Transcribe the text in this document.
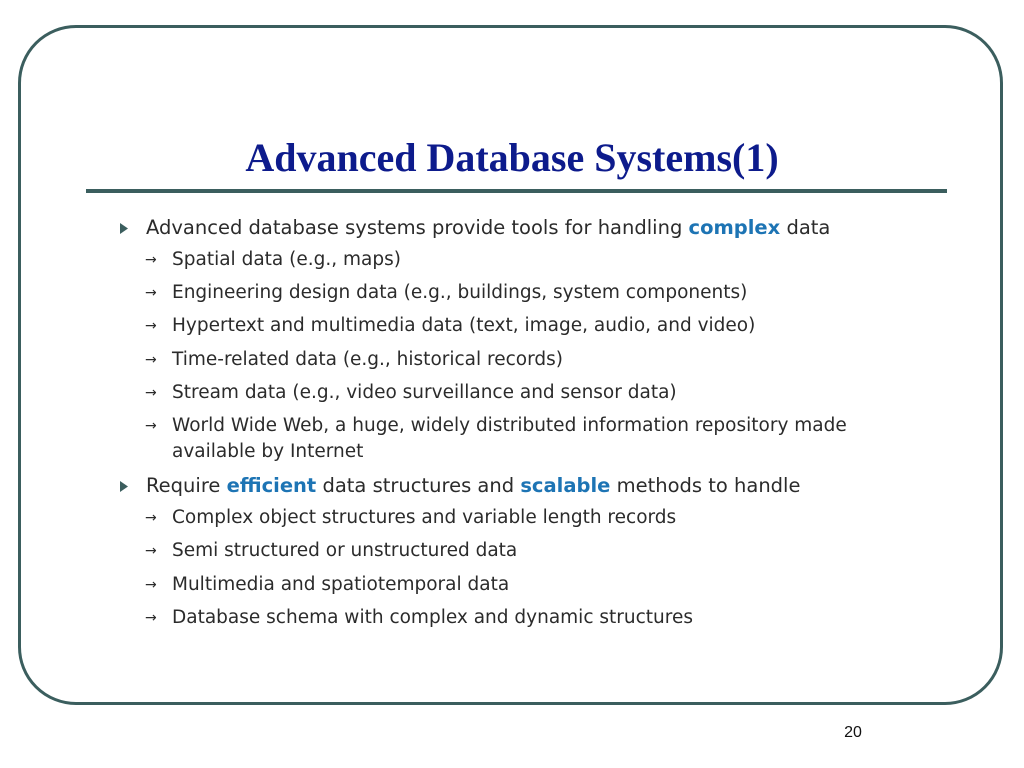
Advanced Database Systems(1)
Advanced database systems provide tools for handling complex data
→ Spatial data (e.g., maps)
→ Engineering design data (e.g., buildings, system components)
→ Hypertext and multimedia data (text, image, audio, and video)
→ Time-related data (e.g., historical records)
→ Stream data (e.g., video surveillance and sensor data)
→ World Wide Web, a huge, widely distributed information repository made available by Internet
Require efficient data structures and scalable methods to handle
→ Complex object structures and variable length records
→ Semi structured or unstructured data
→ Multimedia and spatiotemporal data
→ Database schema with complex and dynamic structures
20
